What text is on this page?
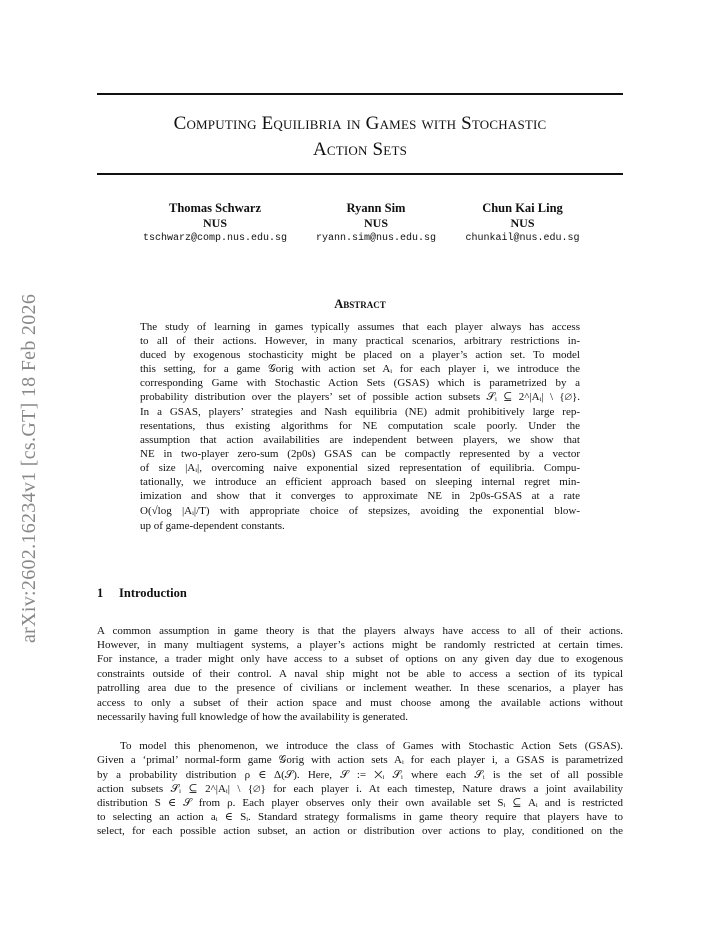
Computing Equilibria in Games with Stochastic
Action Sets
Thomas Schwarz
NUS
tschwarz@comp.nus.edu.sg
Ryann Sim
NUS
ryann.sim@nus.edu.sg
Chun Kai Ling
NUS
chunkail@nus.edu.sg
arXiv:2602.16234v1 [cs.GT] 18 Feb 2026	Abstract
The study of learning in games typically assumes that each player always has access
to all of their actions. However, in many practical scenarios, arbitrary restrictions in-
duced by exogenous stochasticity might be placed on a player’s action set. To model
this setting, for a game 𝒢orig with action set Aᵢ for each player i, we introduce the
corresponding Game with Stochastic Action Sets (GSAS) which is parametrized by a
probability distribution over the players’ set of possible action subsets 𝒮ᵢ ⊆ 2^|Aᵢ| \ {∅}.
In a GSAS, players’ strategies and Nash equilibria (NE) admit prohibitively large rep-
resentations, thus existing algorithms for NE computation scale poorly. Under the
assumption that action availabilities are independent between players, we show that
NE in two-player zero-sum (2p0s) GSAS can be compactly represented by a vector
of size |Aᵢ|, overcoming naive exponential sized representation of equilibria. Compu-
tationally, we introduce an efficient approach based on sleeping internal regret min-
imization and show that it converges to approximate NE in 2p0s-GSAS at a rate
O(√log |Aᵢ|/T) with appropriate choice of stepsizes, avoiding the exponential blow-
up of game-dependent constants.
1 Introduction
A common assumption in game theory is that the players always have access to all of their actions.
However, in many multiagent systems, a player’s actions might be randomly restricted at certain times.
For instance, a trader might only have access to a subset of options on any given day due to exogenous
constraints outside of their control. A naval ship might not be able to access a section of its typical
patrolling area due to the presence of civilians or inclement weather. In these scenarios, a player has
access to only a subset of their action space and must choose among the available actions without
necessarily having full knowledge of how the availability is generated.
To model this phenomenon, we introduce the class of Games with Stochastic Action Sets (GSAS).
Given a ‘primal’ normal-form game 𝒢orig with action sets Aᵢ for each player i, a GSAS is parametrized
by a probability distribution ρ ∈ Δ(𝒮). Here, 𝒮 := ⨉ᵢ 𝒮ᵢ where each 𝒮ᵢ is the set of all possible
action subsets 𝒮ᵢ ⊆ 2^|Aᵢ| \ {∅} for each player i. At each timestep, Nature draws a joint availability
distribution S ∈ 𝒮 from ρ. Each player observes only their own available set Sᵢ ⊆ Aᵢ and is restricted
to selecting an action aᵢ ∈ Sᵢ. Standard strategy formalisms in game theory require that players have to
select, for each possible action subset, an action or distribution over actions to play, conditioned on the
